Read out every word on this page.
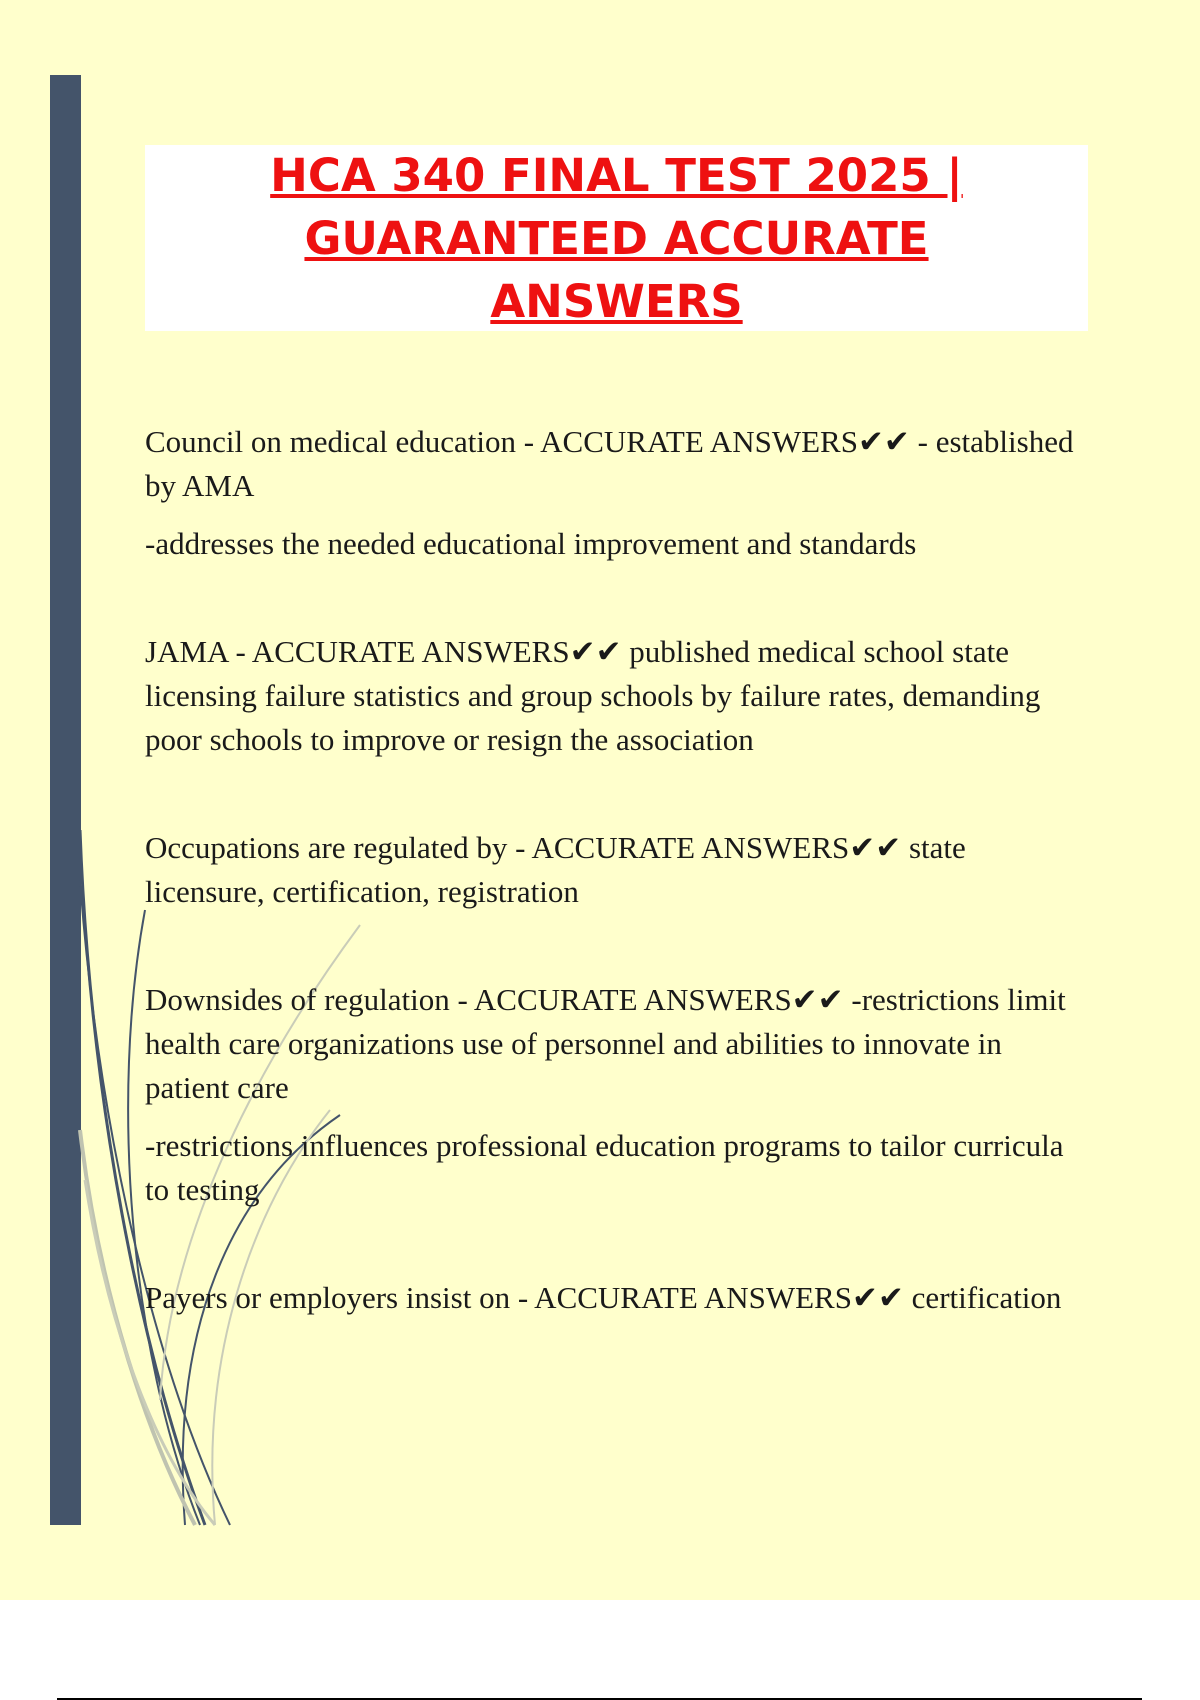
HCA 340 FINAL TEST 2025 | GUARANTEED ACCURATE ANSWERS

Council on medical education - ACCURATE ANSWERS✔✔ - established by AMA

-addresses the needed educational improvement and standards

JAMA - ACCURATE ANSWERS✔✔ published medical school state licensing failure statistics and group schools by failure rates, demanding poor schools to improve or resign the association

Occupations are regulated by - ACCURATE ANSWERS✔✔ state licensure, certification, registration

Downsides of regulation - ACCURATE ANSWERS✔✔ -restrictions limit health care organizations use of personnel and abilities to innovate in patient care

-restrictions influences professional education programs to tailor curricula to testing

Payers or employers insist on - ACCURATE ANSWERS✔✔ certification
